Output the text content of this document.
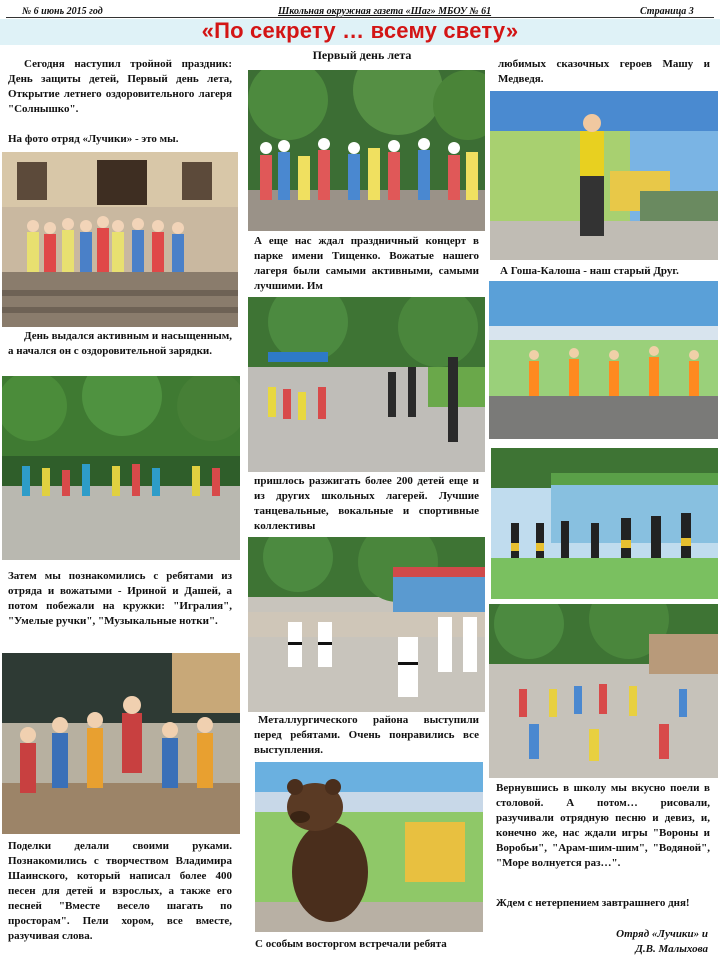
№ 6 июнь 2015 год	Школьная окружная газета «Шаг» МБОУ № 61	Страница 3
«По секрету … всему свету»
Первый день лета
Сегодня наступил тройной праздник: День защиты детей, Первый день лета, Открытие летнего оздоровительного лагеря "Солнышко".
На фото отряд «Лучики» - это мы.
День выдался активным и насыщенным, а начался он с оздоровительной зарядки.
Затем мы познакомились с ребятами из отряда и вожатыми - Ириной и Дашей, а потом побежали на кружки: "Игралия", "Умелые ручки", "Музыкальные нотки".
Поделки делали своими руками. Познакомились с творчеством Владимира Шаинского, который написал более 400 песен для детей и взрослых, а также его песней "Вместе весело шагать по просторам". Пели хором, все вместе, разучивая слова.
А еще нас ждал праздничный концерт в парке имени Тищенко. Вожатые нашего лагеря были самыми активными, самыми лучшими. Им
пришлось разжигать более 200 детей еще и из других школьных лагерей. Лучшие танцевальные, вокальные и спортивные коллективы
Металлургического района выступили перед ребятами. Очень понравились все выступления.
С особым восторгом встречали ребята
любимых сказочных героев Машу и Медведя.
А Гоша-Калоша - наш старый Друг.
Вернувшись в школу мы вкусно поели в столовой. А потом… рисовали, разучивали отрядную песню и девиз, и, конечно же, нас ждали игры "Вороны и Воробьи", "Арам-шим-шим", "Водяной", "Море волнуется раз…".
Ждем с нетерпением завтрашнего дня!
Отряд «Лучики» и
Д.В. Малыхова
